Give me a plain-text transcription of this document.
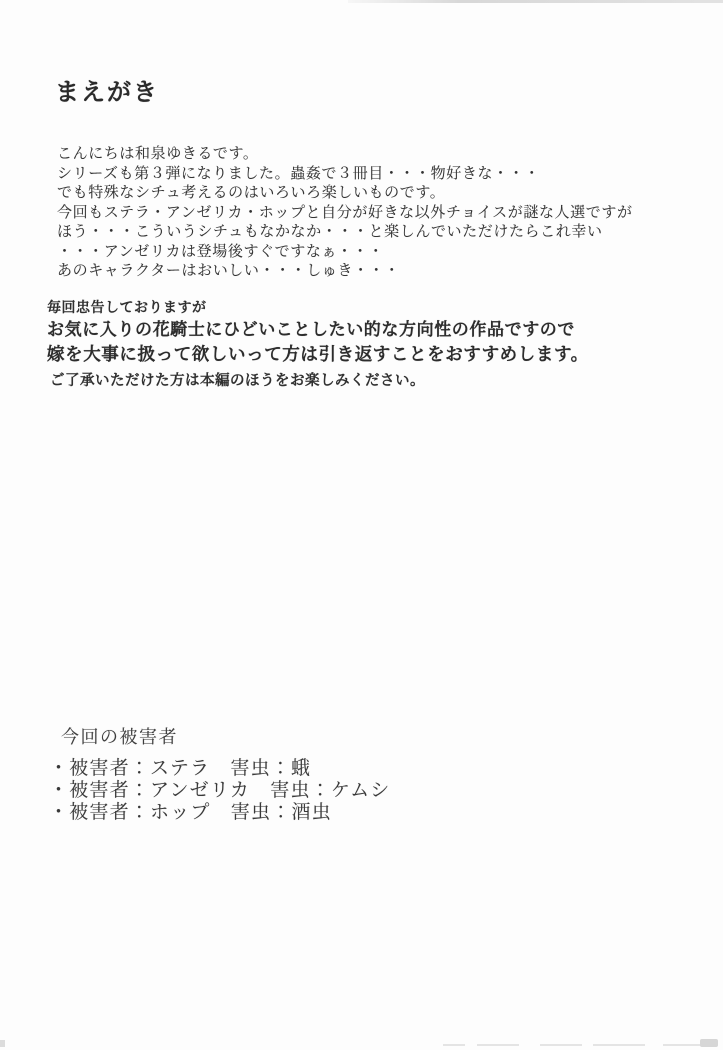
まえがき
こんにちは和泉ゆきるです。
シリーズも第３弾になりました。蟲姦で３冊目・・・物好きな・・・
でも特殊なシチュ考えるのはいろいろ楽しいものです。
今回もステラ・アンゼリカ・ホップと自分が好きな以外チョイスが謎な人選ですが
ほう・・・こういうシチュもなかなか・・・と楽しんでいただけたらこれ幸い
・・・アンゼリカは登場後すぐですなぁ・・・
あのキャラクターはおいしい・・・しゅき・・・
毎回忠告しておりますが
お気に入りの花騎士にひどいことしたい的な方向性の作品ですので
嫁を大事に扱って欲しいって方は引き返すことをおすすめします。
ご了承いただけた方は本編のほうをお楽しみください。
今回の被害者
・被害者：ステラ　害虫：蛾
・被害者：アンゼリカ　害虫：ケムシ
・被害者：ホップ　害虫：酒虫
